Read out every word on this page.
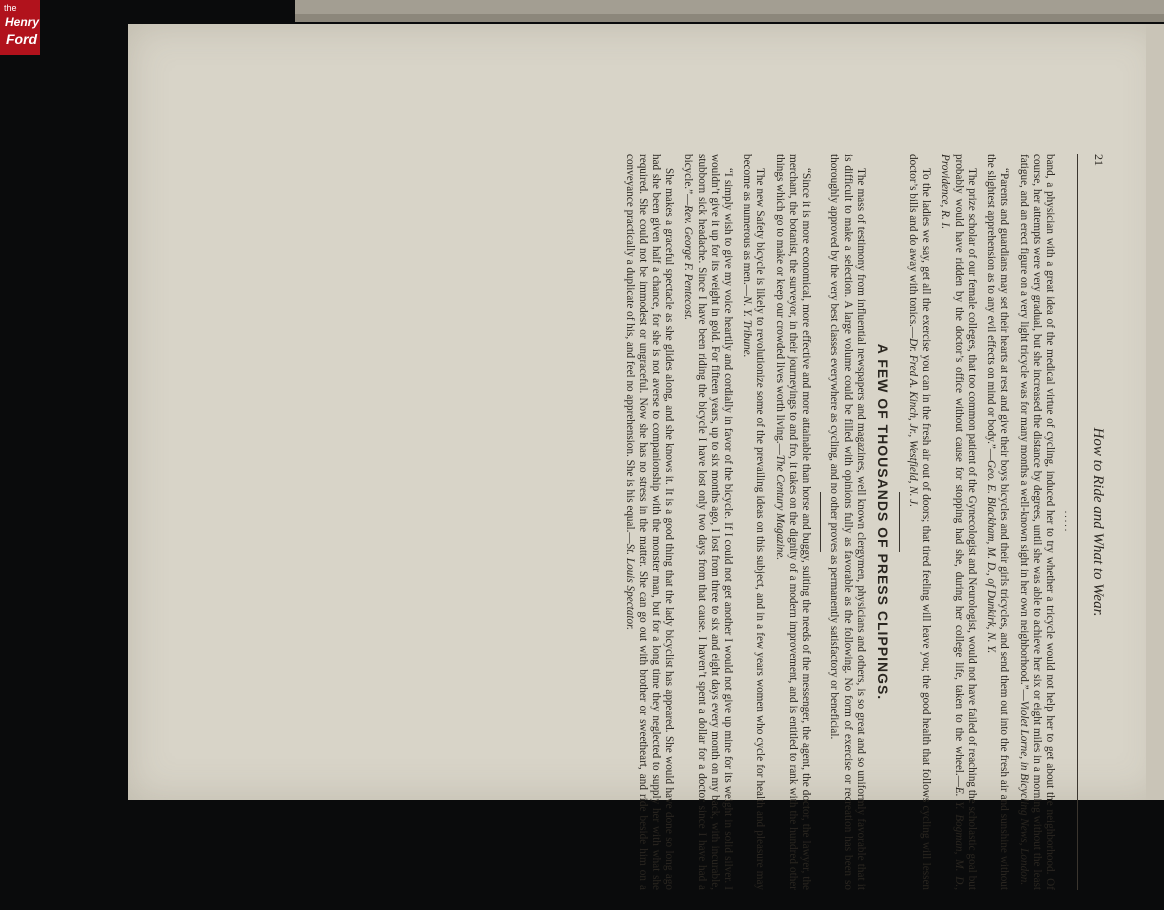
21
How to Ride and What to Wear.
.....

band, a physician with a great idea of the medical virtue of cycling, induced her to try whether a tricycle would not help her to get about the neighborhood. Of course, her attempts were very gradual, but she increased the distance by degrees, until she was able to achieve her six or eight miles in a morning without the least fatigue, and an erect figure on a very light tricycle was for many months a well-known sight in her own neighborhood.”—Violet Lorne, in Bicycling News, London.

“Parents and guardians may set their hearts at rest and give their boys bicycles and their girls tricycles, and send them out into the fresh air and sunshine without the slightest apprehension as to any evil effects on mind or body.”—Geo. E. Blackham, M. D., of Dunkirk, N. Y.

The prize scholar of our female colleges, that too common patient of the Gynecologist and Neurologist, would not have failed of reaching the scholastic goal but probably would have ridden by the doctor’s office without cause for stopping had she, during her college life, taken to the wheel.—E. Y. Bogman, M. D., Providence, R. I.

To the ladies we say, get all the exercise you can in the fresh air out of doors; that tired feeling will leave you; the good health that follows cycling will lessen doctor’s bills and do away with tonics.—Dr. Fred A. Kinch, Jr., Westfield, N. J.

A FEW OF THOUSANDS OF PRESS CLIPPINGS.

The mass of testimony from influential newspapers and magazines, well known clergymen, physicians and others, is so great and so uniformly favorable that it is difficult to make a selection. A large volume could be filled with opinions fully as favorable as the following. No form of exercise or recreation has been so thoroughly approved by the very best classes everywhere as cycling, and no other proves as permanently satisfactory or beneficial.

“Since it is more economical, more effective and more attainable than horse and buggy, suiting the needs of the messenger, the agent, the doctor, the lawyer, the merchant, the botanist, the surveyor, in their journeyings to and fro, it takes on the dignity of a modern improvement, and is entitled to rank with the hundred other things which go to make or keep our crowded lives worth living.—The Century Magazine.

The new Safety bicycle is likely to revolutionize some of the prevailing ideas on this subject, and in a few years women who cycle for health and pleasure may become as numerous as men.—N. Y. Tribune.

“I simply wish to give my voice heartily and cordially in favor of the bicycle. If I could not get another I would not give up mine for its weight in solid silver. I wouldn’t give it up for its weight in gold. For fifteen years, up to six months ago, I lost from three to six and eight days every month on my back, with incurable, stubborn sick headache. Since I have been riding the bicycle I have lost only two days from that cause. I haven’t spent a dollar for a doctor since I have had a bicycle.”—Rev. George F. Pentecost.

She makes a graceful spectacle as she glides along, and she knows it. It is a good thing that the lady bicyclist has appeared. She would have done so long ago had she been given half a chance, for she is not averse to companionship with the monster man, but for a long time they neglected to supply her with what she required. She could not be immodest or ungraceful. Now she has no stress in the matter. She can go out with brother or sweetheart, and ride beside him on a conveyance practically a duplicate of his, and feel no apprehension. She is his equal.—St. Louis Spectator.

the
Henry
Ford
